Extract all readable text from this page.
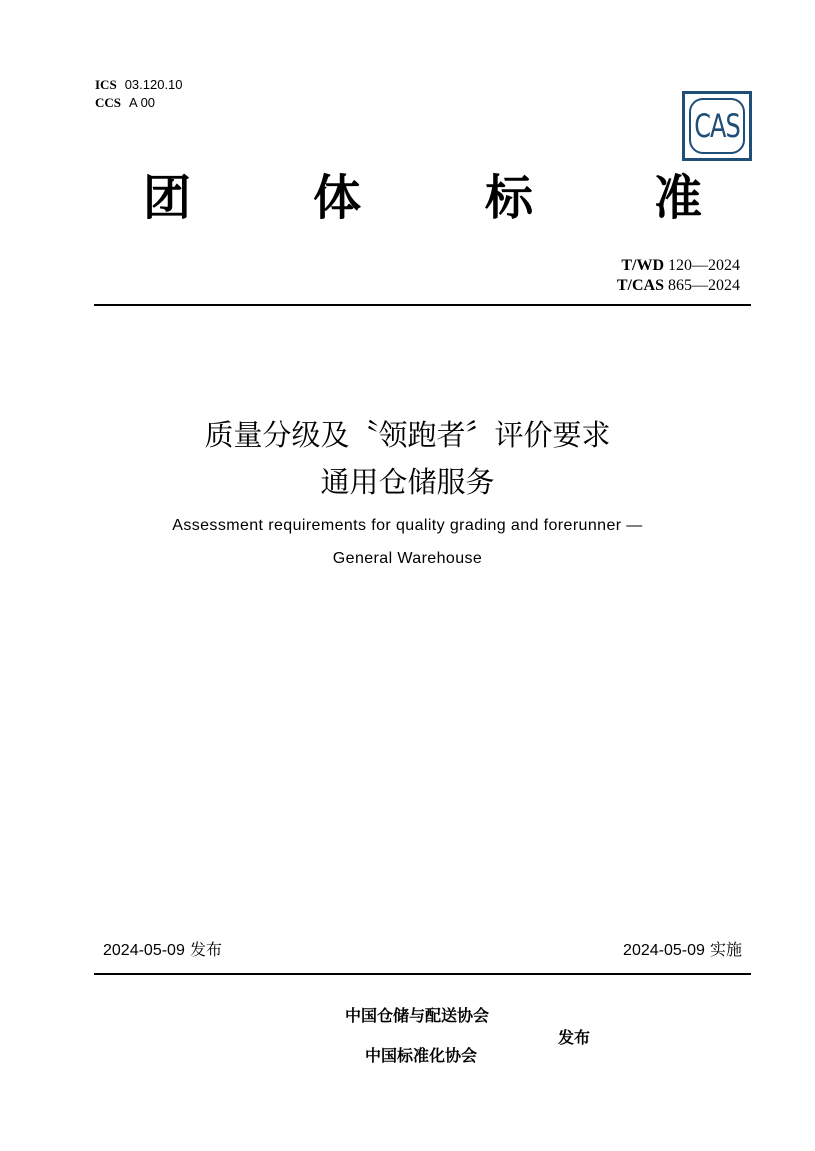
ICS 03.120.10
CCS A 00
CAS
团	体	标	准
T/WD 120—2024
T/CAS 865—2024
质量分级及〝领跑者〞评价要求
通用仓储服务
Assessment requirements for quality grading and forerunner —
General Warehouse
2024-05-09 发布	2024-05-09 实施
中国仓储与配送协会
中国标准化协会
发布
